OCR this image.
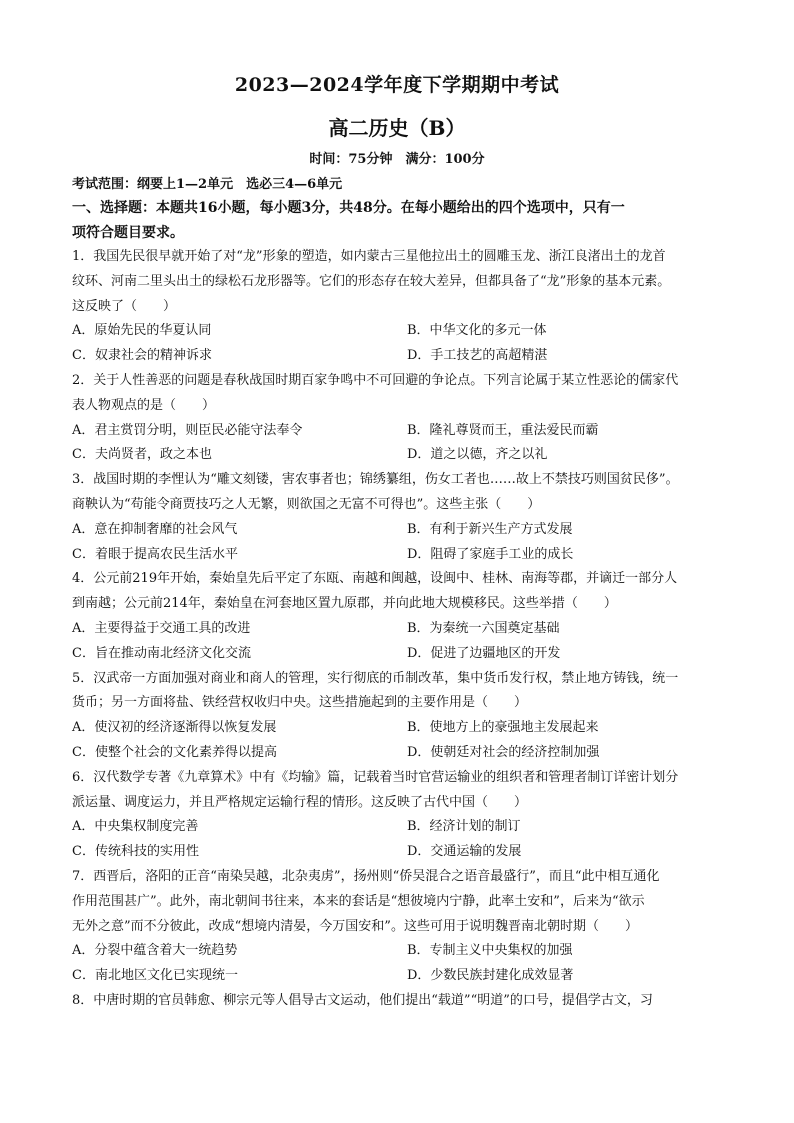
2023—2024学年度下学期期中考试
高二历史（B）
时间：75分钟　满分：100分
考试范围：纲要上1—2单元　选必三4—6单元
一、选择题：本题共16小题，每小题3分，共48分。在每小题给出的四个选项中，只有一
项符合题目要求。
1．我国先民很早就开始了对“龙”形象的塑造，如内蒙古三星他拉出土的圆雕玉龙、浙江良渚出土的龙首
纹环、河南二里头出土的绿松石龙形器等。它们的形态存在较大差异，但都具备了“龙”形象的基本元素。
这反映了（　　）
A．原始先民的华夏认同	B．中华文化的多元一体
C．奴隶社会的精神诉求	D．手工技艺的高超精湛
2．关于人性善恶的问题是春秋战国时期百家争鸣中不可回避的争论点。下列言论属于某立性恶论的儒家代
表人物观点的是（　　）
A．君主赏罚分明，则臣民必能守法奉令	B．隆礼尊贤而王，重法爱民而霸
C．夫尚贤者，政之本也	D．道之以德，齐之以礼
3．战国时期的李悝认为“雕文刻镂，害农事者也；锦绣纂组，伤女工者也……故上不禁技巧则国贫民侈”。
商鞅认为“苟能令商贾技巧之人无繁，则欲国之无富不可得也”。这些主张（　　）
A．意在抑制奢靡的社会风气	B．有利于新兴生产方式发展
C．着眼于提高农民生活水平	D．阻碍了家庭手工业的成长
4．公元前219年开始，秦始皇先后平定了东瓯、南越和闽越，设闽中、桂林、南海等郡，并谪迁一部分人
到南越；公元前214年，秦始皇在河套地区置九原郡，并向此地大规模移民。这些举措（　　）
A．主要得益于交通工具的改进	B．为秦统一六国奠定基础
C．旨在推动南北经济文化交流	D．促进了边疆地区的开发
5．汉武帝一方面加强对商业和商人的管理，实行彻底的币制改革，集中货币发行权，禁止地方铸钱，统一
货币；另一方面将盐、铁经营权收归中央。这些措施起到的主要作用是（　　）
A．使汉初的经济逐渐得以恢复发展	B．使地方上的豪强地主发展起来
C．使整个社会的文化素养得以提高	D．使朝廷对社会的经济控制加强
6．汉代数学专著《九章算术》中有《均输》篇，记载着当时官营运输业的组织者和管理者制订详密计划分
派运量、调度运力，并且严格规定运输行程的情形。这反映了古代中国（　　）
A．中央集权制度完善	B．经济计划的制订
C．传统科技的实用性	D．交通运输的发展
7．西晋后，洛阳的正音“南染吴越，北杂夷虏”，扬州则“侨吴混合之语音最盛行”，而且“此中相互通化
作用范围甚广”。此外，南北朝间书往来，本来的套话是“想彼境内宁静，此率土安和”，后来为“欲示
无外之意”而不分彼此，改成“想境内清晏，今万国安和”。这些可用于说明魏晋南北朝时期（　　）
A．分裂中蕴含着大一统趋势	B．专制主义中央集权的加强
C．南北地区文化已实现统一	D．少数民族封建化成效显著
8．中唐时期的官员韩愈、柳宗元等人倡导古文运动，他们提出“载道”“明道”的口号，提倡学古文，习
